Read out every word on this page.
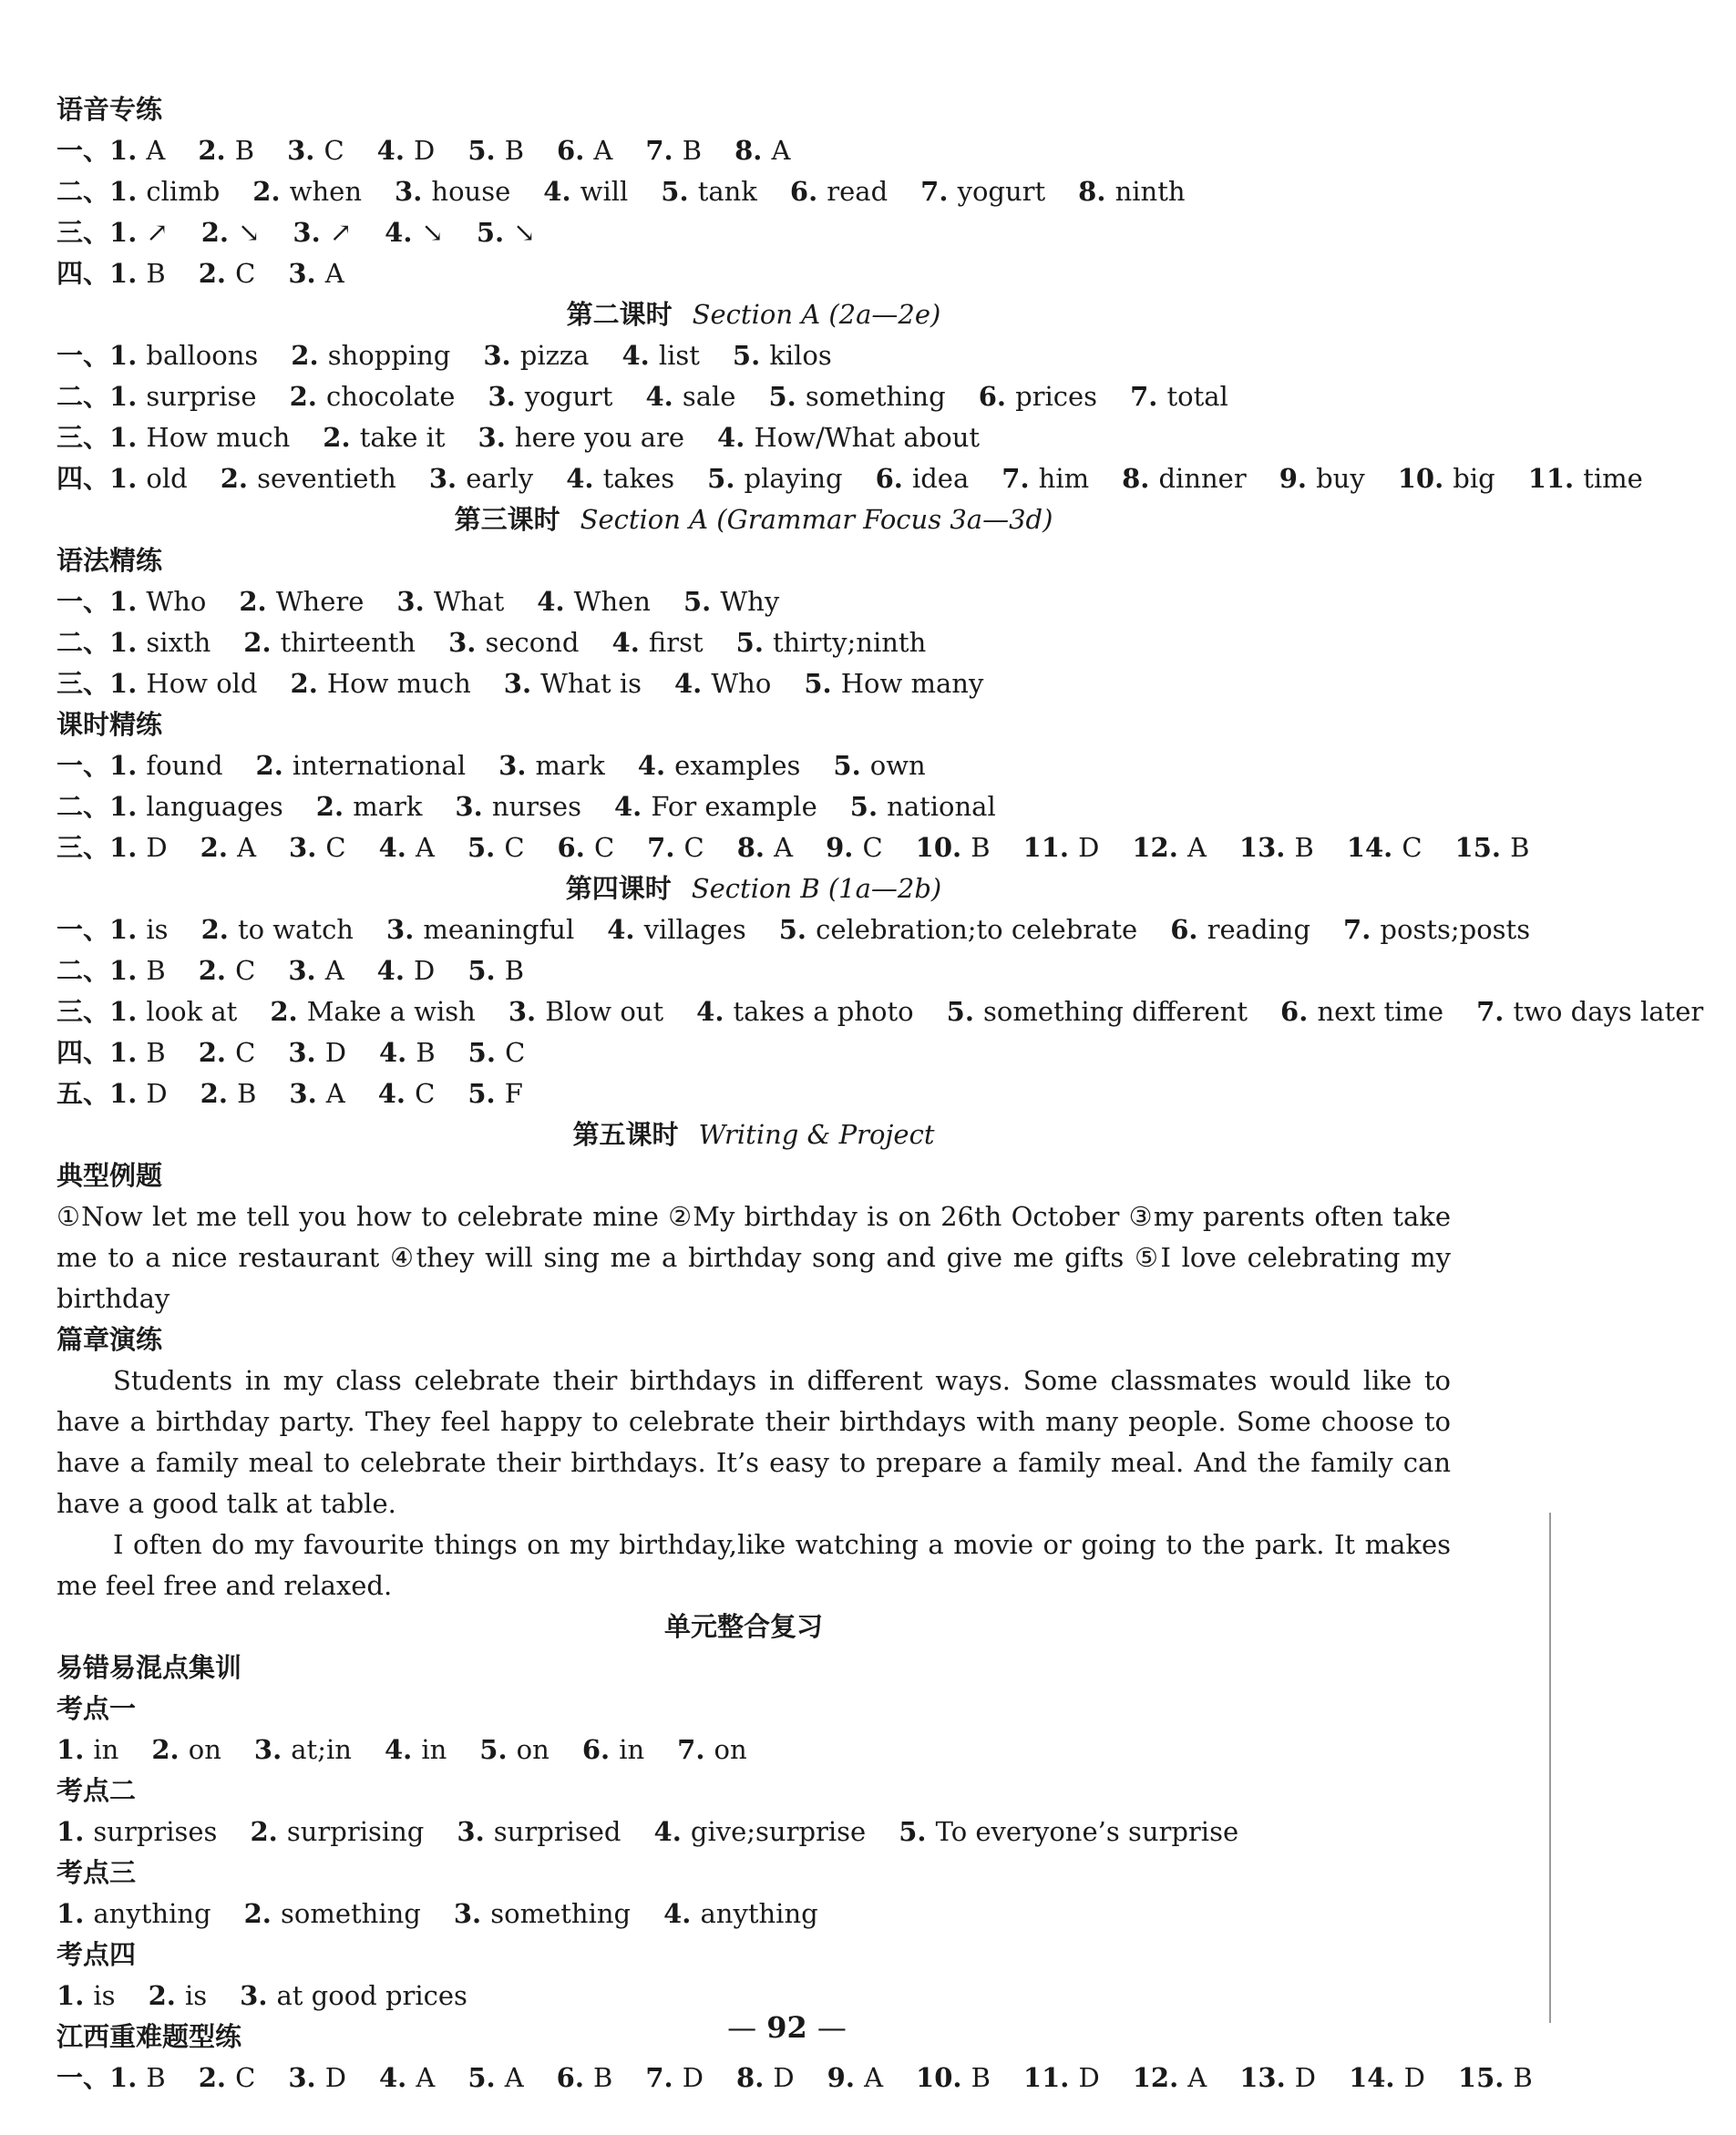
语音专练
一、1. A 2. B 3. C 4. D 5. B 6. A 7. B 8. A
二、1. climb 2. when 3. house 4. will 5. tank 6. read 7. yogurt 8. ninth
三、1. ↗ 2. ↘ 3. ↗ 4. ↘ 5. ↘
四、1. B 2. C 3. A
第二课时 Section A (2a—2e)
一、1. balloons 2. shopping 3. pizza 4. list 5. kilos
二、1. surprise 2. chocolate 3. yogurt 4. sale 5. something 6. prices 7. total
三、1. How much 2. take it 3. here you are 4. How/What about
四、1. old 2. seventieth 3. early 4. takes 5. playing 6. idea 7. him 8. dinner 9. buy 10. big 11. time
第三课时 Section A (Grammar Focus 3a—3d)
语法精练
一、1. Who 2. Where 3. What 4. When 5. Why
二、1. sixth 2. thirteenth 3. second 4. first 5. thirty;ninth
三、1. How old 2. How much 3. What is 4. Who 5. How many
课时精练
一、1. found 2. international 3. mark 4. examples 5. own
二、1. languages 2. mark 3. nurses 4. For example 5. national
三、1. D 2. A 3. C 4. A 5. C 6. C 7. C 8. A 9. C 10. B 11. D 12. A 13. B 14. C 15. B
第四课时 Section B (1a—2b)
一、1. is 2. to watch 3. meaningful 4. villages 5. celebration;to celebrate 6. reading 7. posts;posts
二、1. B 2. C 3. A 4. D 5. B
三、1. look at 2. Make a wish 3. Blow out 4. takes a photo 5. something different 6. next time 7. two days later
四、1. B 2. C 3. D 4. B 5. C
五、1. D 2. B 3. A 4. C 5. F
第五课时 Writing & Project
典型例题
①Now let me tell you how to celebrate mine ②My birthday is on 26th October ③my parents often take me to a nice restaurant ④they will sing me a birthday song and give me gifts ⑤I love celebrating my birthday
篇章演练
Students in my class celebrate their birthdays in different ways. Some classmates would like to have a birthday party. They feel happy to celebrate their birthdays with many people. Some choose to have a family meal to celebrate their birthdays. It’s easy to prepare a family meal. And the family can have a good talk at table.
I often do my favourite things on my birthday,like watching a movie or going to the park. It makes me feel free and relaxed.
单元整合复习
易错易混点集训
考点一
1. in 2. on 3. at;in 4. in 5. on 6. in 7. on
考点二
1. surprises 2. surprising 3. surprised 4. give;surprise 5. To everyone’s surprise
考点三
1. anything 2. something 3. something 4. anything
考点四
1. is 2. is 3. at good prices
江西重难题型练
一、1. B 2. C 3. D 4. A 5. A 6. B 7. D 8. D 9. A 10. B 11. D 12. A 13. D 14. D 15. B
— 92 —
